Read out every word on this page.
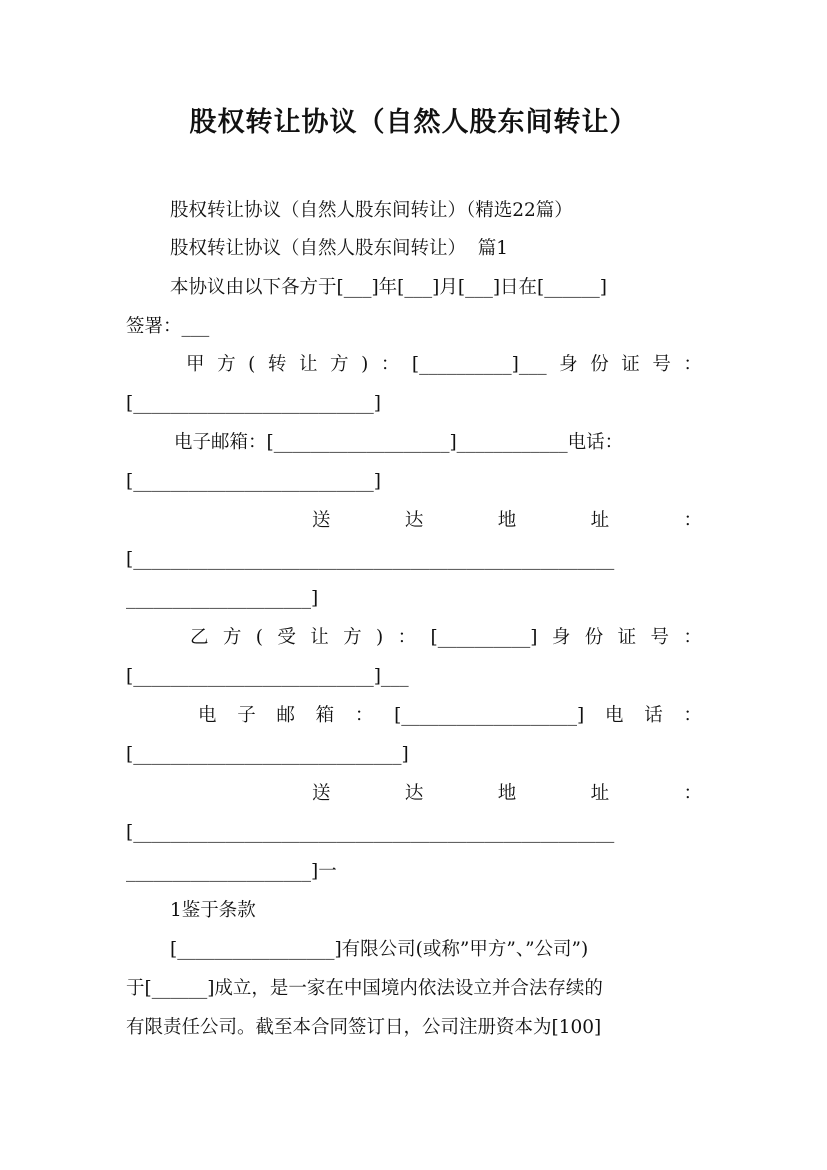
股权转让协议（自然人股东间转让）
股权转让协议（自然人股东间转让）（精选22篇）
股权转让协议（自然人股东间转让）  篇1
本协议由以下各方于[___]年[___]月[___]日在[______]
签署：___
甲 方 ( 转 让 方 ) ： [__________]___ 身 份 证 号 ：
[__________________________]
电子邮箱：[___________________]____________电话：
[__________________________]
送	达	地	址	：
[____________________________________________________
____________________]
乙 方 ( 受 让 方 ) ： [__________] 身 份 证 号 ：
[__________________________]___
电 子 邮 箱 ： [___________________] 电 话 ：
[_____________________________]
送	达	地	址	：
[____________________________________________________
____________________]一
1鉴于条款
[_________________]有限公司(或称”甲方”、”公司”)
于[______]成立，是一家在中国境内依法设立并合法存续的
有限责任公司。截至本合同签订日，公司注册资本为[100]
